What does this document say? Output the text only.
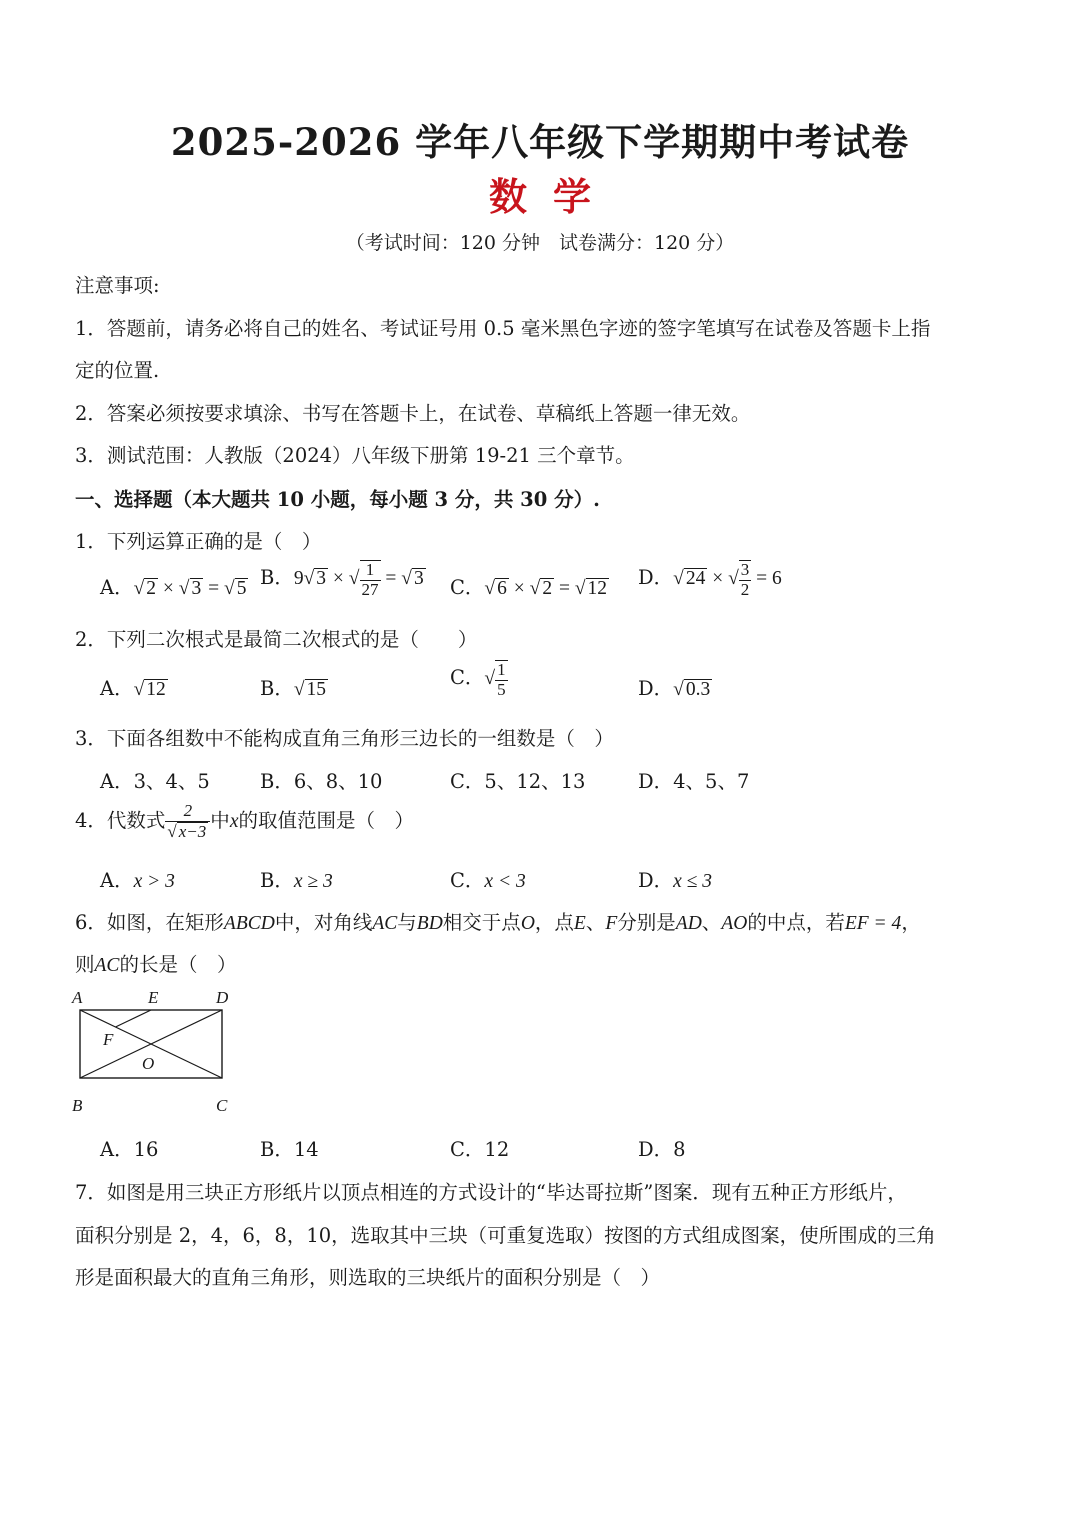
2025-2026 学年八年级下学期期中考试卷
数学
（考试时间：120 分钟　试卷满分：120 分）
注意事项:
1．答题前，请务必将自己的姓名、考试证号用 0.5 毫米黑色字迹的签字笔填写在试卷及答题卡上指
定的位置.
2．答案必须按要求填涂、书写在答题卡上，在试卷、草稿纸上答题一律无效。
3．测试范围：人教版（2024）八年级下册第 19-21 三个章节。
一、选择题（本大题共 10 小题，每小题 3 分，共 30 分）.
1．下列运算正确的是（　）
A．√ 2 × √ 3 = √ 5 B．9√ 3 × √ $\frac{1}{27}$ = √ 3 C．√ 6 × √ 2 = √ 12 D．√ 24 × √ $\frac{3}{2} = 6$
2．下列二次根式是最简二次根式的是（　　）
A．√ 12	B．√ 15
C．√ $\frac{1}{5}$	D．√ 0.3
3．下面各组数中不能构成直角三角形三边长的一组数是（　）
A．3、4、5	B．6、8、10	C．5、12、13	D．4、5、7
4．代数式 $\frac{2}{√ x-3}$ 中x的取值范围是（　）
A．x > 3	B．x ≥ 3	C．x < 3	D．x ≤ 3
6．如图，在矩形ABCD中，对角线AC与BD相交于点O，点E、F分别是AD、AO的中点，若EF = 4，
则AC的长是（　）
A	E	D
F
O
B	C
A．16	B．14	C．12	D．8
7．如图是用三块正方形纸片以顶点相连的方式设计的“毕达哥拉斯”图案．现有五种正方形纸片，
面积分别是 2，4，6，8，10，选取其中三块（可重复选取）按图的方式组成图案，使所围成的三角
形是面积最大的直角三角形，则选取的三块纸片的面积分别是（　）
